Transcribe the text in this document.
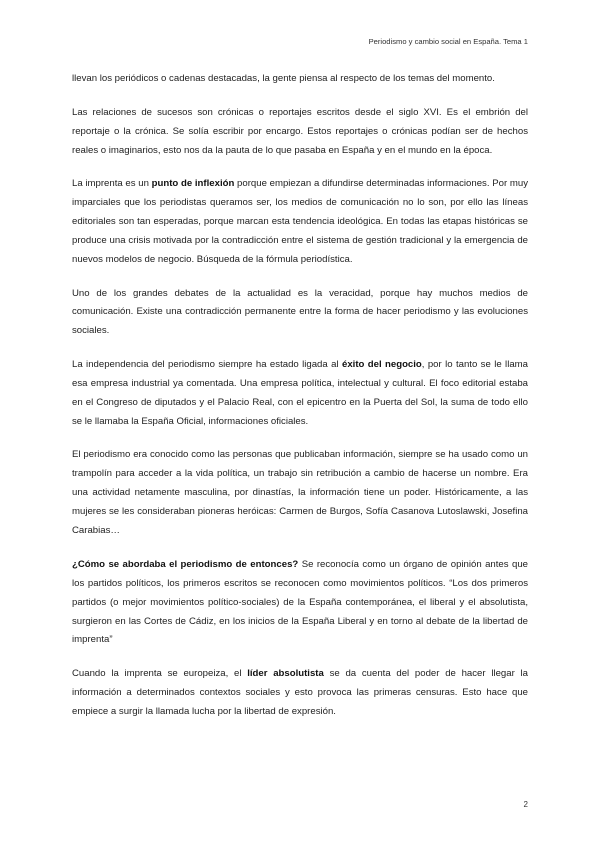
Periodismo y cambio social en España. Tema 1

llevan los periódicos o cadenas destacadas, la gente piensa al respecto de los temas del momento.

Las relaciones de sucesos son crónicas o reportajes escritos desde el siglo XVI. Es el embrión del reportaje o la crónica. Se solía escribir por encargo. Estos reportajes o crónicas podían ser de hechos reales o imaginarios, esto nos da la pauta de lo que pasaba en España y en el mundo en la época.

La imprenta es un punto de inflexión porque empiezan a difundirse determinadas informaciones. Por muy imparciales que los periodistas queramos ser, los medios de comunicación no lo son, por ello las líneas editoriales son tan esperadas, porque marcan esta tendencia ideológica. En todas las etapas históricas se produce una crisis motivada por la contradicción entre el sistema de gestión tradicional y la emergencia de nuevos modelos de negocio. Búsqueda de la fórmula periodística.

Uno de los grandes debates de la actualidad es la veracidad, porque hay muchos medios de comunicación. Existe una contradicción permanente entre la forma de hacer periodismo y las evoluciones sociales.

La independencia del periodismo siempre ha estado ligada al éxito del negocio, por lo tanto se le llama esa empresa industrial ya comentada. Una empresa política, intelectual y cultural. El foco editorial estaba en el Congreso de diputados y el Palacio Real, con el epicentro en la Puerta del Sol, la suma de todo ello se le llamaba la España Oficial, informaciones oficiales.

El periodismo era conocido como las personas que publicaban información, siempre se ha usado como un trampolín para acceder a la vida política, un trabajo sin retribución a cambio de hacerse un nombre. Era una actividad netamente masculina, por dinastías, la información tiene un poder. Históricamente, a las mujeres se les consideraban pioneras heróicas: Carmen de Burgos, Sofía Casanova Lutoslawski, Josefina Carabias…

¿Cómo se abordaba el periodismo de entonces? Se reconocía como un órgano de opinión antes que los partidos políticos, los primeros escritos se reconocen como movimientos políticos. “Los dos primeros partidos (o mejor movimientos político-sociales) de la España contemporánea, el liberal y el absolutista, surgieron en las Cortes de Cádiz, en los inicios de la España Liberal y en torno al debate de la libertad de imprenta”

Cuando la imprenta se europeiza, el líder absolutista se da cuenta del poder de hacer llegar la información a determinados contextos sociales y esto provoca las primeras censuras. Esto hace que empiece a surgir la llamada lucha por la libertad de expresión.

2
